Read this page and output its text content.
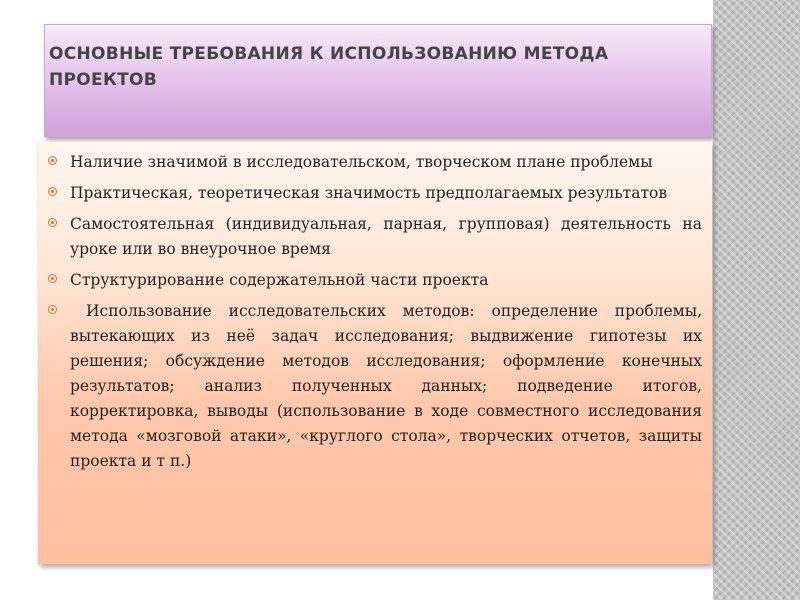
ОСНОВНЫЕ ТРЕБОВАНИЯ К ИСПОЛЬЗОВАНИЮ МЕТОДА ПРОЕКТОВ
Наличие значимой в исследовательском, творческом плане проблемы
Практическая, теоретическая значимость предполагаемых результатов
Самостоятельная (индивидуальная, парная, групповая) деятельность на уроке или во внеурочное время
Структурирование содержательной части проекта
Использование исследовательских методов: определение проблемы, вытекающих из неё задач исследования; выдвижение гипотезы их решения; обсуждение методов исследования; оформление конечных результатов; анализ полученных данных; подведение итогов, корректировка, выводы (использование в ходе совместного исследования метода «мозговой атаки», «круглого стола», творческих отчетов, защиты проекта и т п.)
